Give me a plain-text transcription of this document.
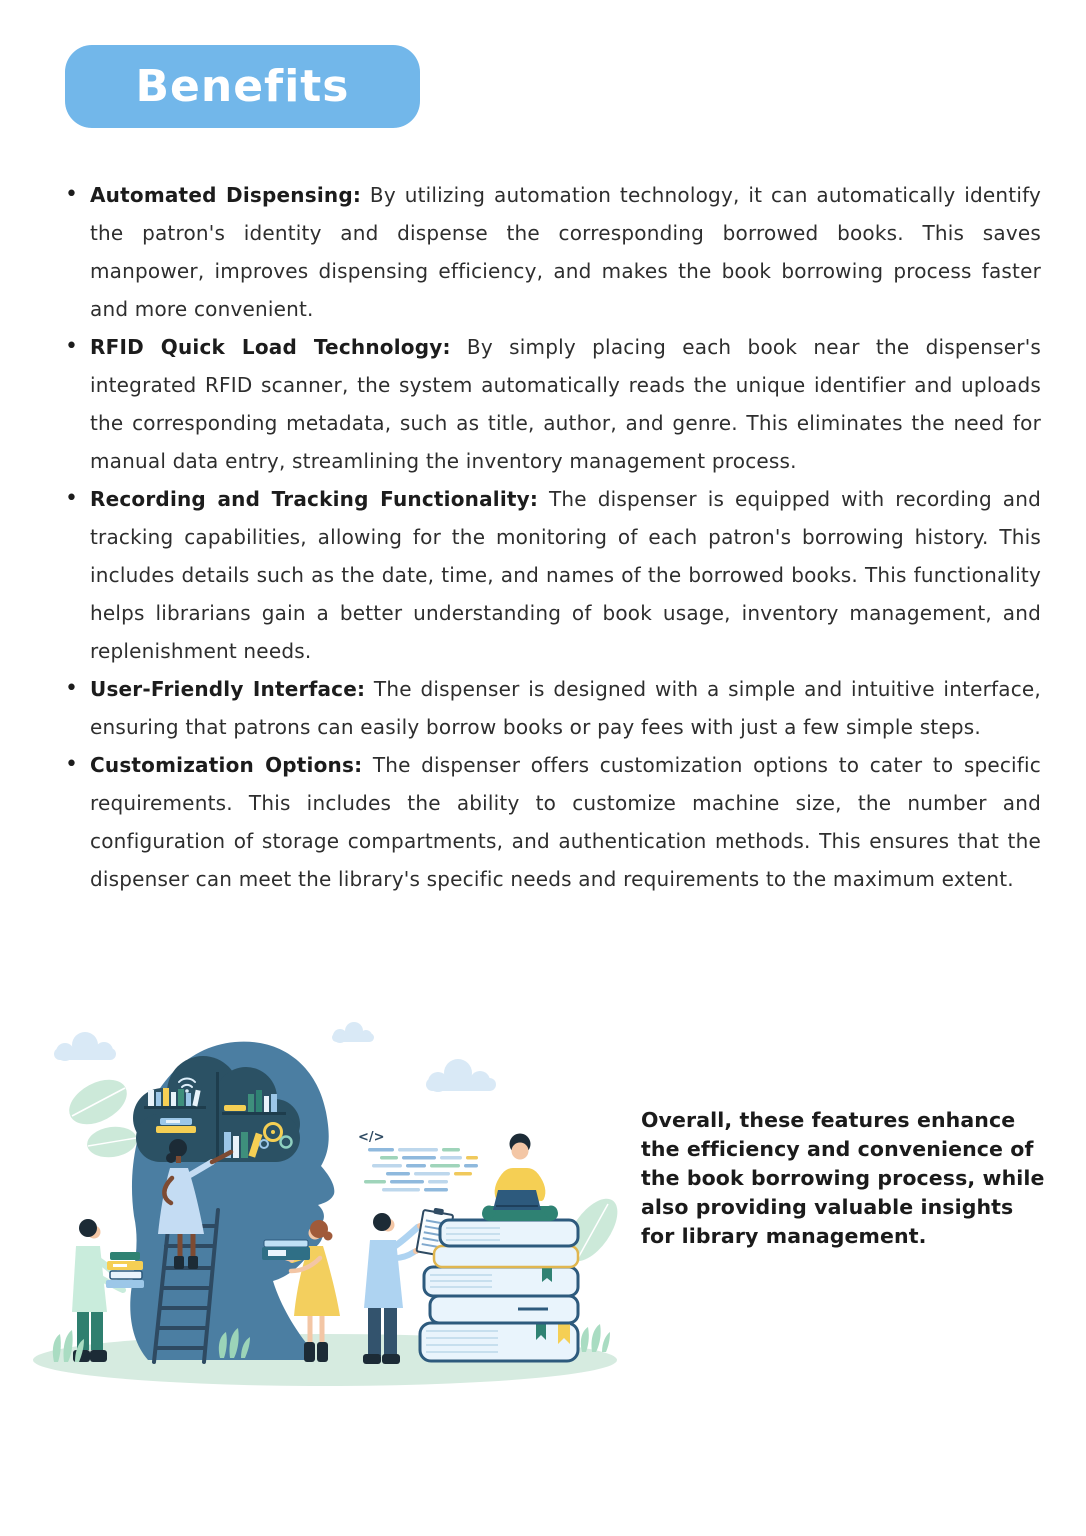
Benefits
• Automated Dispensing: By utilizing automation technology, it can automatically identify the patron's identity and dispense the corresponding borrowed books. This saves manpower, improves dispensing efficiency, and makes the book borrowing process faster and more convenient.
• RFID Quick Load Technology: By simply placing each book near the dispenser's integrated RFID scanner, the system automatically reads the unique identifier and uploads the corresponding metadata, such as title, author, and genre. This eliminates the need for manual data entry, streamlining the inventory management process.
• Recording and Tracking Functionality: The dispenser is equipped with recording and tracking capabilities, allowing for the monitoring of each patron's borrowing history. This includes details such as the date, time, and names of the borrowed books. This functionality helps librarians gain a better understanding of book usage, inventory management, and replenishment needs.
• User-Friendly Interface: The dispenser is designed with a simple and intuitive interface, ensuring that patrons can easily borrow books or pay fees with just a few simple steps.
• Customization Options: The dispenser offers customization options to cater to specific requirements. This includes the ability to customize machine size, the number and configuration of storage compartments, and authentication methods. This ensures that the dispenser can meet the library's specific needs and requirements to the maximum extent.
</>
Overall, these features enhance the efficiency and convenience of the book borrowing process, while also providing valuable insights for library management.
